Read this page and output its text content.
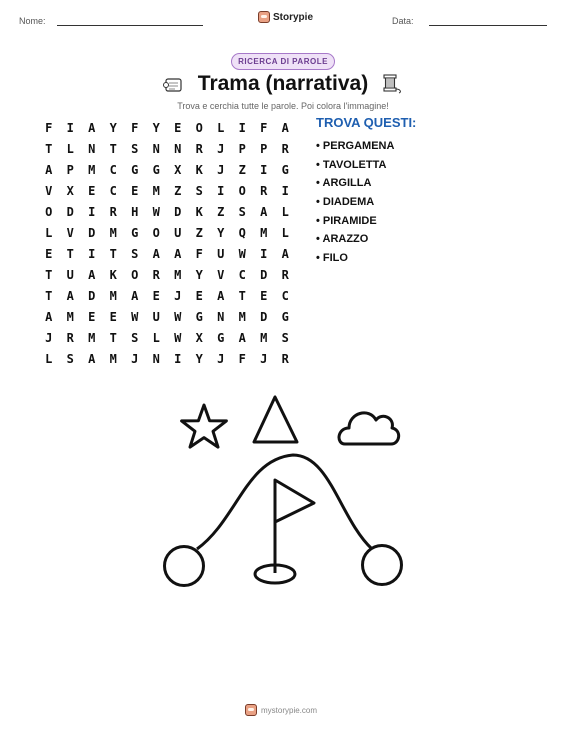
Nome:	Storypie	Data:
RICERCA DI PAROLE
Trama (narrativa)
Trova e cerchia tutte le parole. Poi colora l'immagine!
F	I	A	Y	F	Y	E	O	L	I	F	A
T	L	N	T	S	N	N	R	J	P	P	R
A	P	M	C	G	G	X	K	J	Z	I	G
V	X	E	C	E	M	Z	S	I	O	R	I
O	D	I	R	H	W	D	K	Z	S	A	L
L	V	D	M	G	O	U	Z	Y	Q	M	L
E	T	I	T	S	A	A	F	U	W	I	A
T	U	A	K	O	R	M	Y	V	C	D	R
T	A	D	M	A	E	J	E	A	T	E	C
A	M	E	E	W	U	W	G	N	M	D	G
J	R	M	T	S	L	W	X	G	A	M	S
L	S	A	M	J	N	I	Y	J	F	J	R
TROVA QUESTI:
• PERGAMENA
• TAVOLETTA
• ARGILLA
• DIADEMA
• PIRAMIDE
• ARAZZO
• FILO
mystorypie.com
